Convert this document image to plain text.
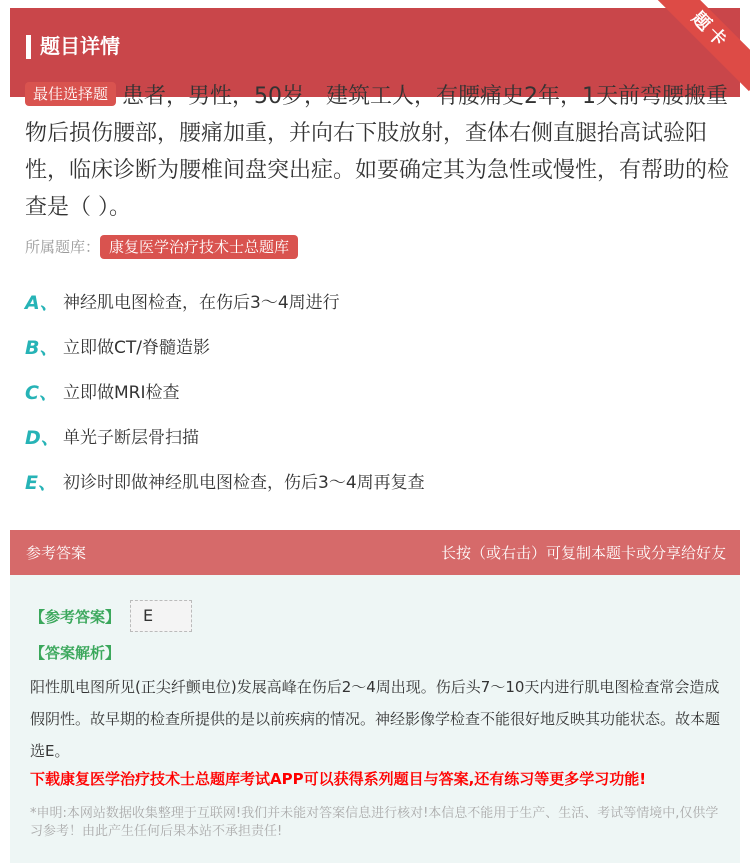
题目详情	题卡
最佳选择题 患者，男性，50岁，建筑工人，有腰痛史2年，1天前弯腰搬重物后损伤腰部，腰痛加重，并向右下肢放射，查体右侧直腿抬高试验阳性，临床诊断为腰椎间盘突出症。如要确定其为急性或慢性，有帮助的检查是（ ）。
所属题库： 康复医学治疗技术士总题库
A、 神经肌电图检查，在伤后3～4周进行
B、 立即做CT/脊髓造影
C、 立即做MRI检查
D、 单光子断层骨扫描
E、 初诊时即做神经肌电图检查，伤后3～4周再复查
参考答案	长按（或右击）可复制本题卡或分享给好友
【参考答案】	E
【答案解析】
阳性肌电图所见(正尖纤颤电位)发展高峰在伤后2～4周出现。伤后头7～10天内进行肌电图检查常会造成假阴性。故早期的检查所提供的是以前疾病的情况。神经影像学检查不能很好地反映其功能状态。故本题选E。
下载康复医学治疗技术士总题库考试APP可以获得系列题目与答案,还有练习等更多学习功能!
*申明:本网站数据收集整理于互联网!我们并未能对答案信息进行核对!本信息不能用于生产、生活、考试等情境中,仅供学习参考！由此产生任何后果本站不承担责任!
